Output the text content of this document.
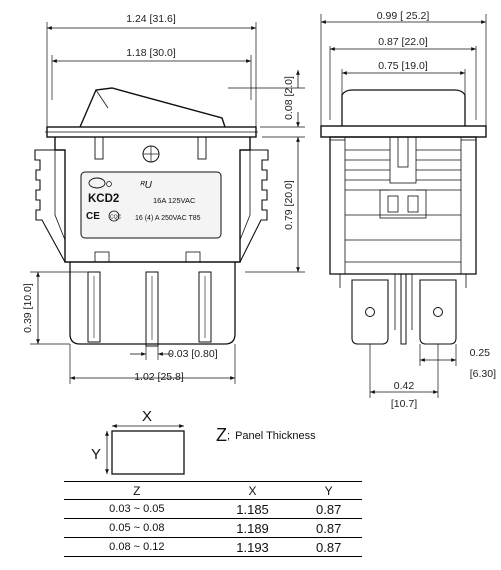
1.24 [31.6]
1.18 [30.0]
0.08 [2.0]
0.79 [20.0]
0.39 [10.0]
0.03 [0.80]
1.02 [25.8]
KCD2
CE CQC
ᴿU
16A 125VAC
16 (4) A 250VAC T85
0.99 [ 25.2]
0.87 [22.0]
0.75 [19.0]
0.25
[6.30]
0.42
[10.7]
X
Y
Z; Panel Thickness
Z	X	Y
0.03 ~ 0.05	1.185	0.87
0.05 ~ 0.08	1.189	0.87
0.08 ~ 0.12	1.193	0.87
